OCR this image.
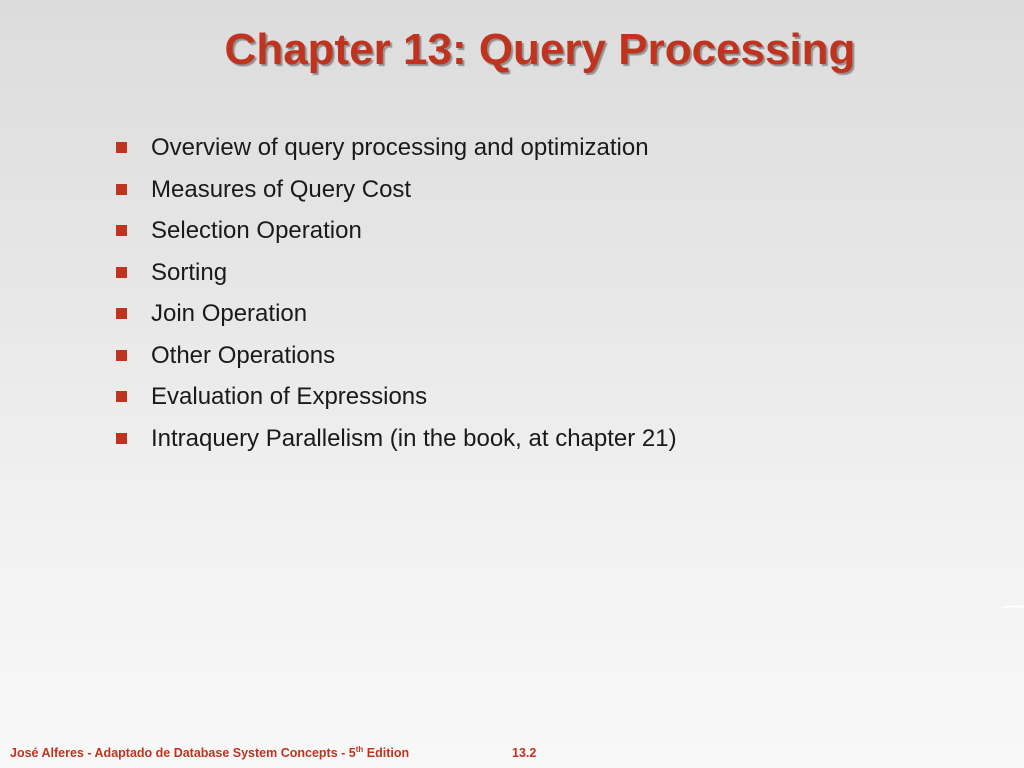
Chapter 13: Query Processing
Overview of query processing and optimization
Measures of Query Cost
Selection Operation
Sorting
Join Operation
Other Operations
Evaluation of Expressions
Intraquery Parallelism (in the book, at chapter 21)
José Alferes - Adaptado de Database System Concepts - 5th Edition	13.2
